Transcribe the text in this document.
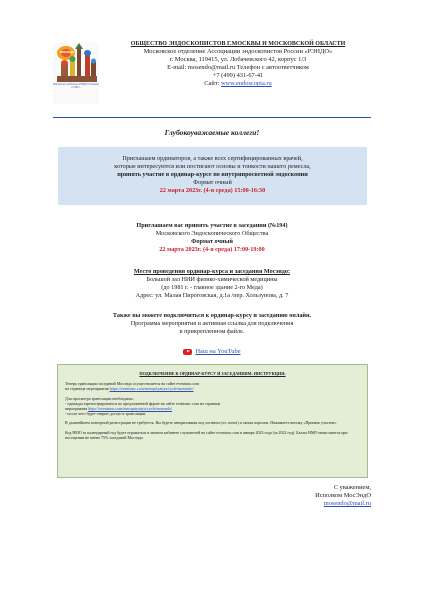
мосэндо
Московское отделение РЭНДО Основано в 1999 г.
ОБЩЕСТВО ЭНДОСКОПИСТОВ Г.МОСКВЫ И МОСКОВСКОЙ ОБЛАСТИ
Московское отделение Ассоциации эндоскопистов России «РЭНДО»
г. Москва, 119415, ул. Лобачевского 42, корпус 1/3
E-mail: mosendo@mail.ru Телефон с автоответчиком
+7 (499) 431-67-41
Сайт: www.endoscopia.ru
Глубокоуважаемые коллеги!
Приглашаем ординаторов, а также всех сертифицированных врачей,
которые интересуются или постигают основы и тонкости нашего ремесла,
принять участие в ординар-курсе по внутрипросветной эндоскопии
Формат очный
22 марта 2023г. (4-я среда) 15:00-16:30
Приглашаем вас принять участие в заседании (№194)
Московского Эндоскопического Общества
Формат очный
22 марта 2023г. (4-я среда) 17:00-19:00
Место проведения ординар-курса и заседания Мосэндо:
Большой зал НИИ физико-химической медицины
(до 1981 г. - главное здание 2-го Меда)
Адрес: ул. Малая Пироговская, д.1а /пер. Хользунова, д. 7
Также вы можете подключиться к ординар-курсу и заседанию онлайн.
Программа мероприятия и активная ссылка для подключения
в прикрепленном файле.
Наш на YouTube
ПОДКЛЮЧЕНИЕ К ОРДИНАР-КУРСУ И ЗАСЕДАНИЯМ. ИНСТРУКЦИЯ:

Теперь трансляции заседаний Мосэндо осуществляется на сайте eventsmc.com
на странице мероприятия https://eventsmc.com/meropriyatiya/cycle/mosendo/

Для просмотра трансляции необходимо:
- однажды зарегистрироваться по предложенной форме на сайте eventsmc.com на странице
мероприятия https://eventsmc.com/meropriyatiya/cycle/mosendo/
- после чего будет открыт доступ к трансляции.

В дальнейшем повторной регистрации не требуется. Вы будете авторизованы под логином (эл. почта) и своим паролем. Нажимаете кнопку «Принять участие».

Код НМО за календарный год будет отражаться в личном кабинете слушателей на сайте eventsmc.com в январе 2023 года (за 2022 год). Баллы НМО начисляются при посещении не менее 75% заседаний Мосэндо.

С уважением,
Исполком МосЭндО
mosendo@mail.ru
